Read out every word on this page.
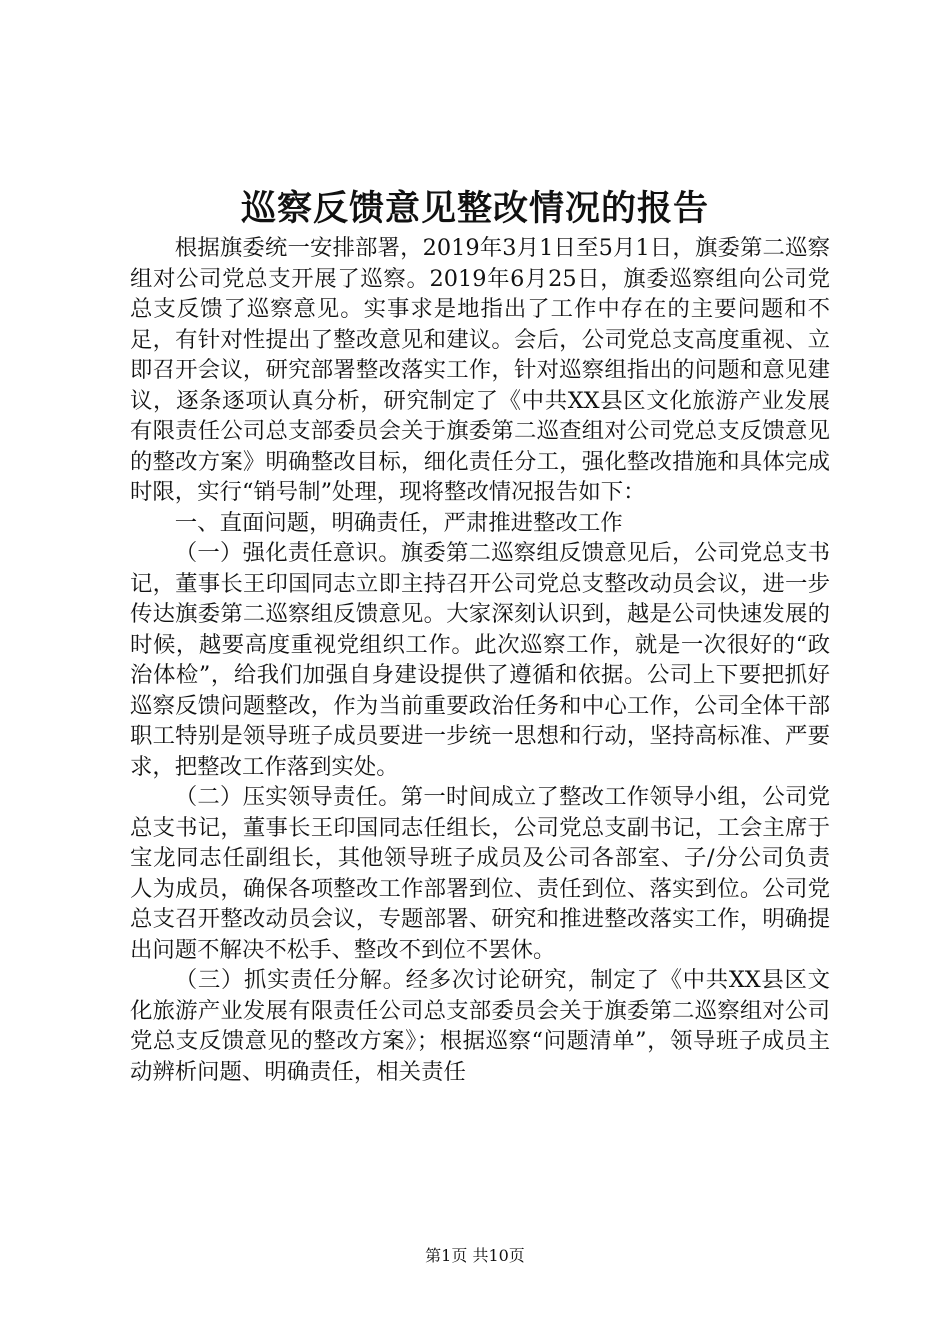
巡察反馈意见整改情况的报告

根据旗委统一安排部署，2019年3月1日至5月1日，旗委第二巡察组对公司党总支开展了巡察。2019年6月25日，旗委巡察组向公司党总支反馈了巡察意见。实事求是地指出了工作中存在的主要问题和不足，有针对性提出了整改意见和建议。会后，公司党总支高度重视、立即召开会议，研究部署整改落实工作，针对巡察组指出的问题和意见建议，逐条逐项认真分析，研究制定了《中共XX县区文化旅游产业发展有限责任公司总支部委员会关于旗委第二巡查组对公司党总支反馈意见的整改方案》明确整改目标，细化责任分工，强化整改措施和具体完成时限，实行“销号制”处理，现将整改情况报告如下：

一、直面问题，明确责任，严肃推进整改工作

（一）强化责任意识。旗委第二巡察组反馈意见后，公司党总支书记，董事长王印国同志立即主持召开公司党总支整改动员会议，进一步传达旗委第二巡察组反馈意见。大家深刻认识到，越是公司快速发展的时候，越要高度重视党组织工作。此次巡察工作，就是一次很好的“政治体检”，给我们加强自身建设提供了遵循和依据。公司上下要把抓好巡察反馈问题整改，作为当前重要政治任务和中心工作，公司全体干部职工特别是领导班子成员要进一步统一思想和行动，坚持高标准、严要求，把整改工作落到实处。

（二）压实领导责任。第一时间成立了整改工作领导小组，公司党总支书记，董事长王印国同志任组长，公司党总支副书记，工会主席于宝龙同志任副组长，其他领导班子成员及公司各部室、子/分公司负责人为成员，确保各项整改工作部署到位、责任到位、落实到位。公司党总支召开整改动员会议，专题部署、研究和推进整改落实工作，明确提出问题不解决不松手、整改不到位不罢休。

（三）抓实责任分解。经多次讨论研究，制定了《中共XX县区文化旅游产业发展有限责任公司总支部委员会关于旗委第二巡察组对公司党总支反馈意见的整改方案》；根据巡察“问题清单”，领导班子成员主动辨析问题、明确责任，相关责任

第1页 共10页
